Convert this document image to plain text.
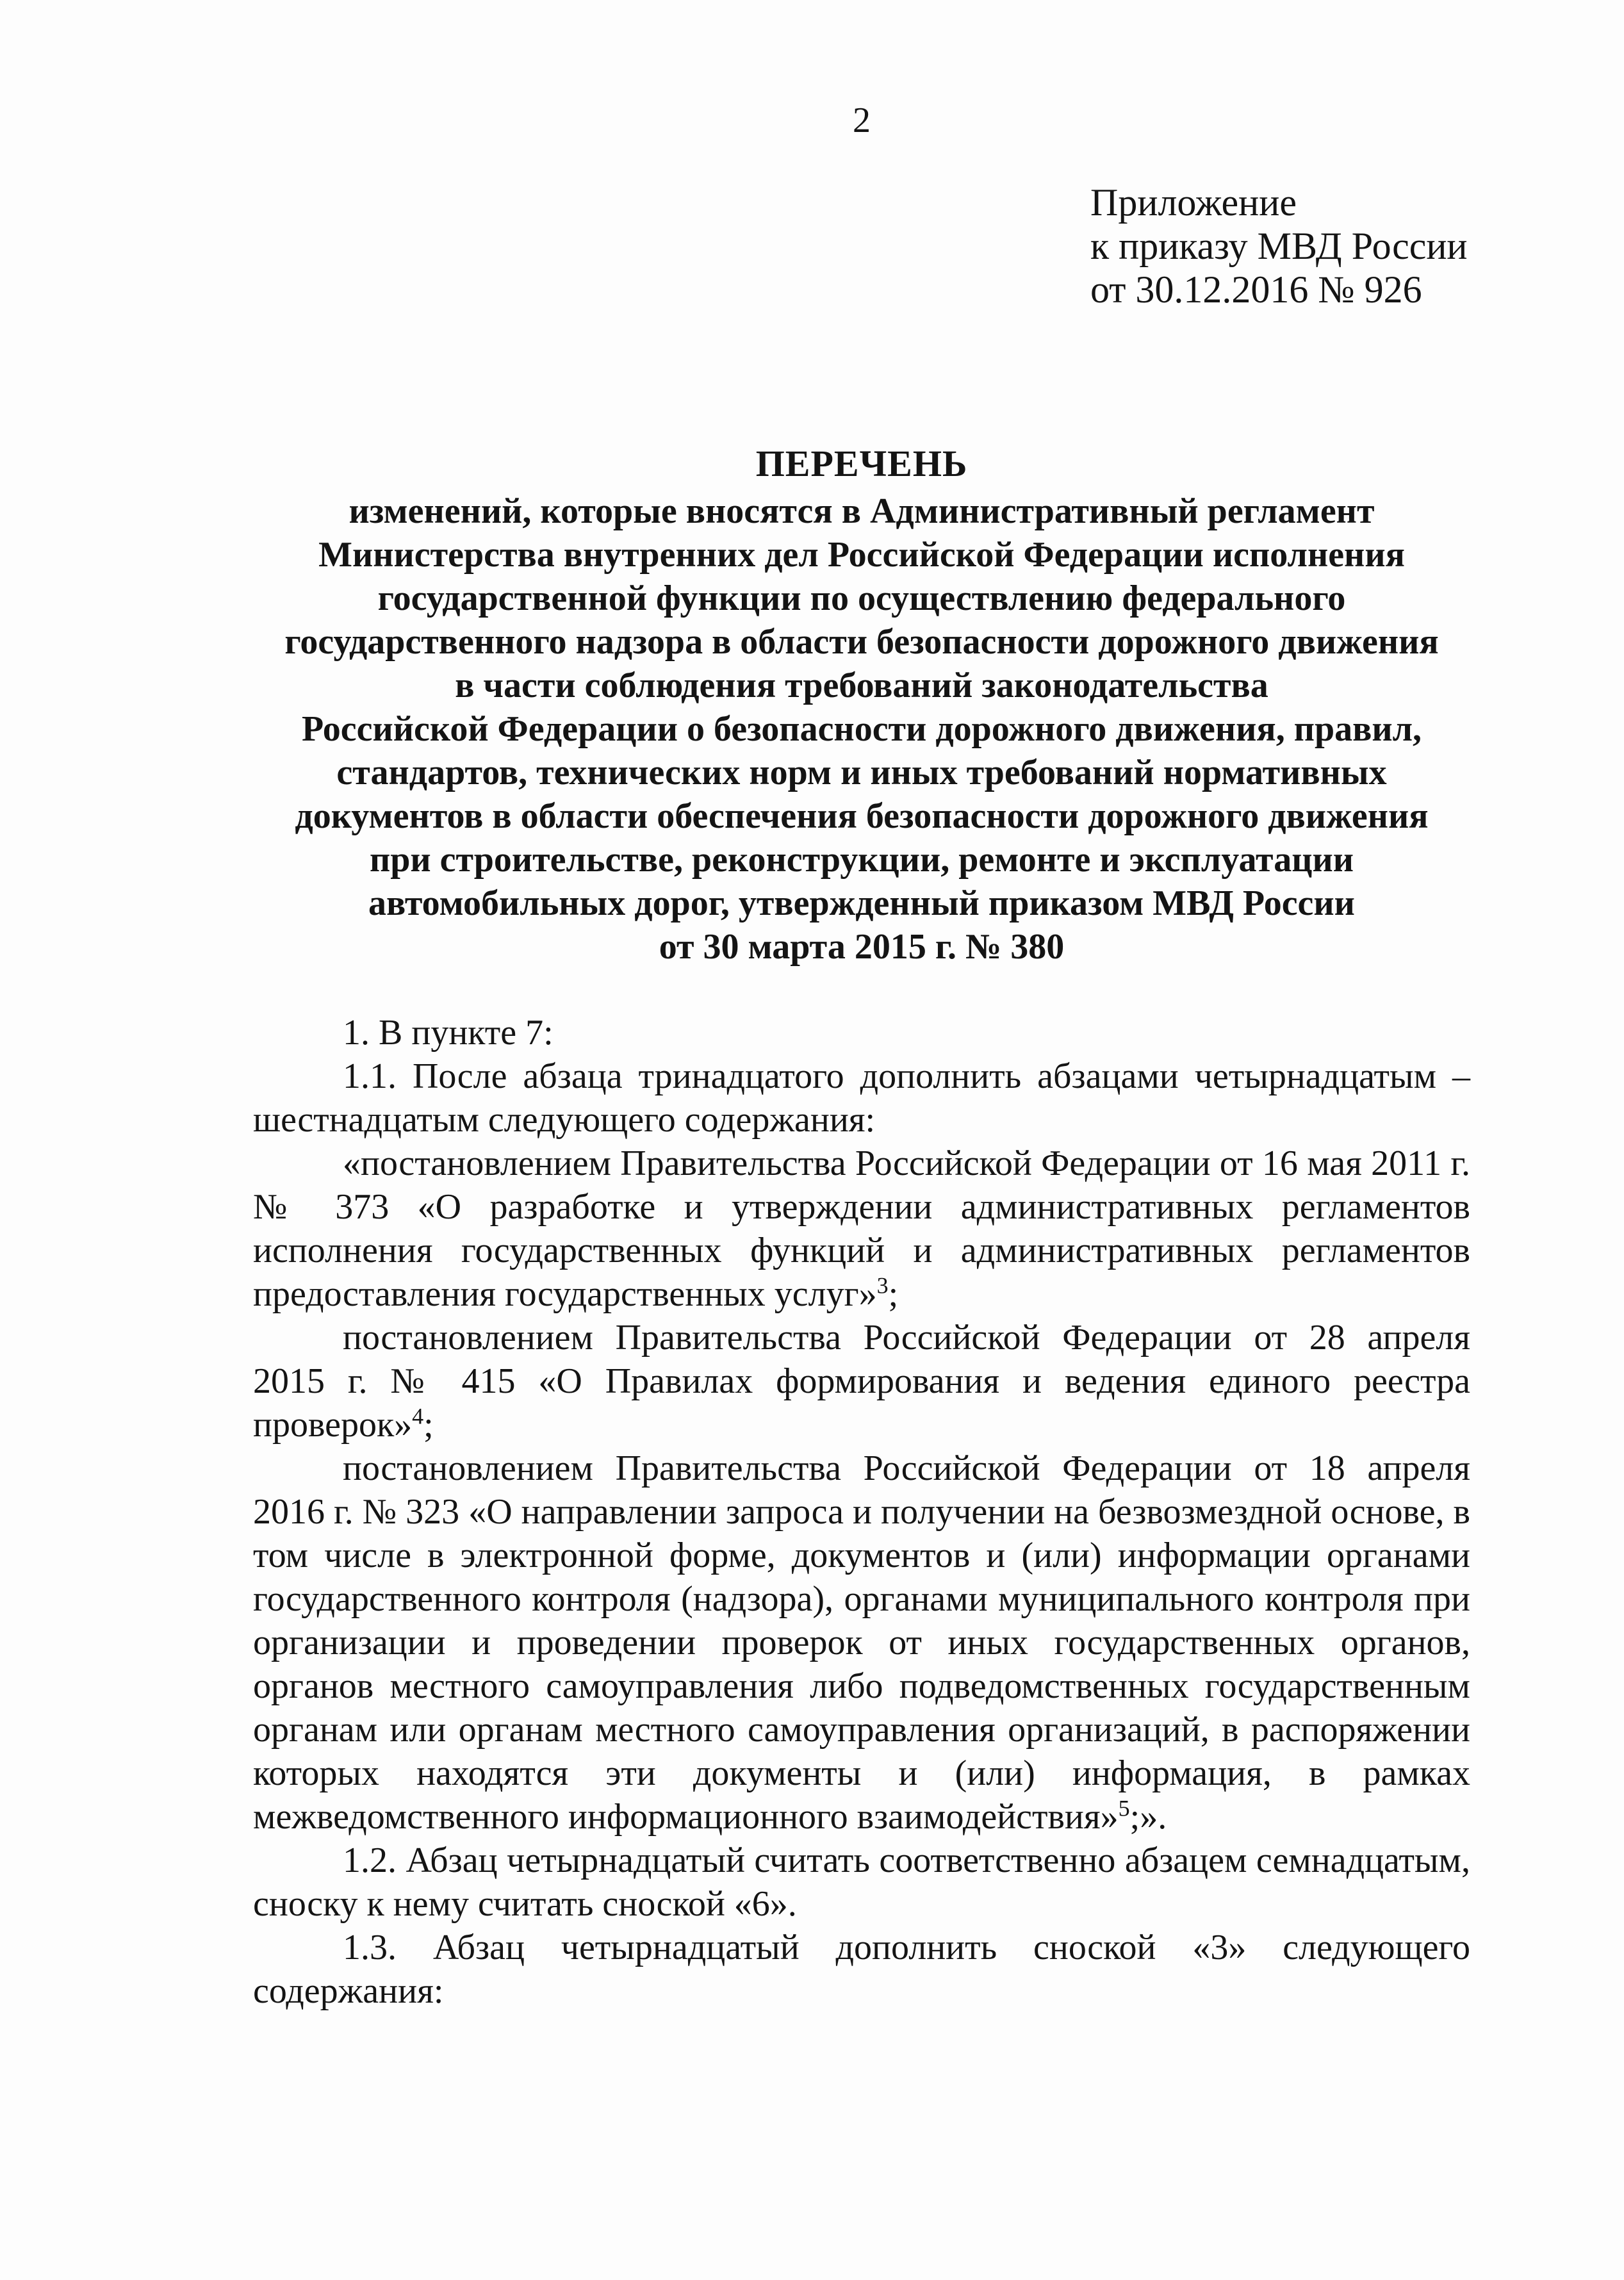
2
Приложение
к приказу МВД России
от 30.12.2016 № 926
ПЕРЕЧЕНЬ
изменений, которые вносятся в Административный регламент
Министерства внутренних дел Российской Федерации исполнения
государственной функции по осуществлению федерального
государственного надзора в области безопасности дорожного движения
в части соблюдения требований законодательства
Российской Федерации о безопасности дорожного движения, правил,
стандартов, технических норм и иных требований нормативных
документов в области обеспечения безопасности дорожного движения
при строительстве, реконструкции, ремонте и эксплуатации
автомобильных дорог, утвержденный приказом МВД России
от 30 марта 2015 г. № 380

1. В пункте 7:

1.1. После абзаца тринадцатого дополнить абзацами четырнадцатым – шестнадцатым следующего содержания:

«постановлением Правительства Российской Федерации от 16 мая 2011 г. № 373 «О разработке и утверждении административных регламентов исполнения государственных функций и административных регламентов предоставления государственных услуг»$^3$;

постановлением Правительства Российской Федерации от 28 апреля 2015 г. № 415 «О Правилах формирования и ведения единого реестра проверок»$^4$;

постановлением Правительства Российской Федерации от 18 апреля 2016 г. № 323 «О направлении запроса и получении на безвозмездной основе, в том числе в электронной форме, документов и (или) информации органами государственного контроля (надзора), органами муниципального контроля при организации и проведении проверок от иных государственных органов, органов местного самоуправления либо подведомственных государственным органам или органам местного самоуправления организаций, в распоряжении которых находятся эти документы и (или) информация, в рамках межведомственного информационного взаимодействия»$^5$;».

1.2. Абзац четырнадцатый считать соответственно абзацем семнадцатым, сноску к нему считать сноской «6».

1.3. Абзац четырнадцатый дополнить сноской «3» следующего содержания:
